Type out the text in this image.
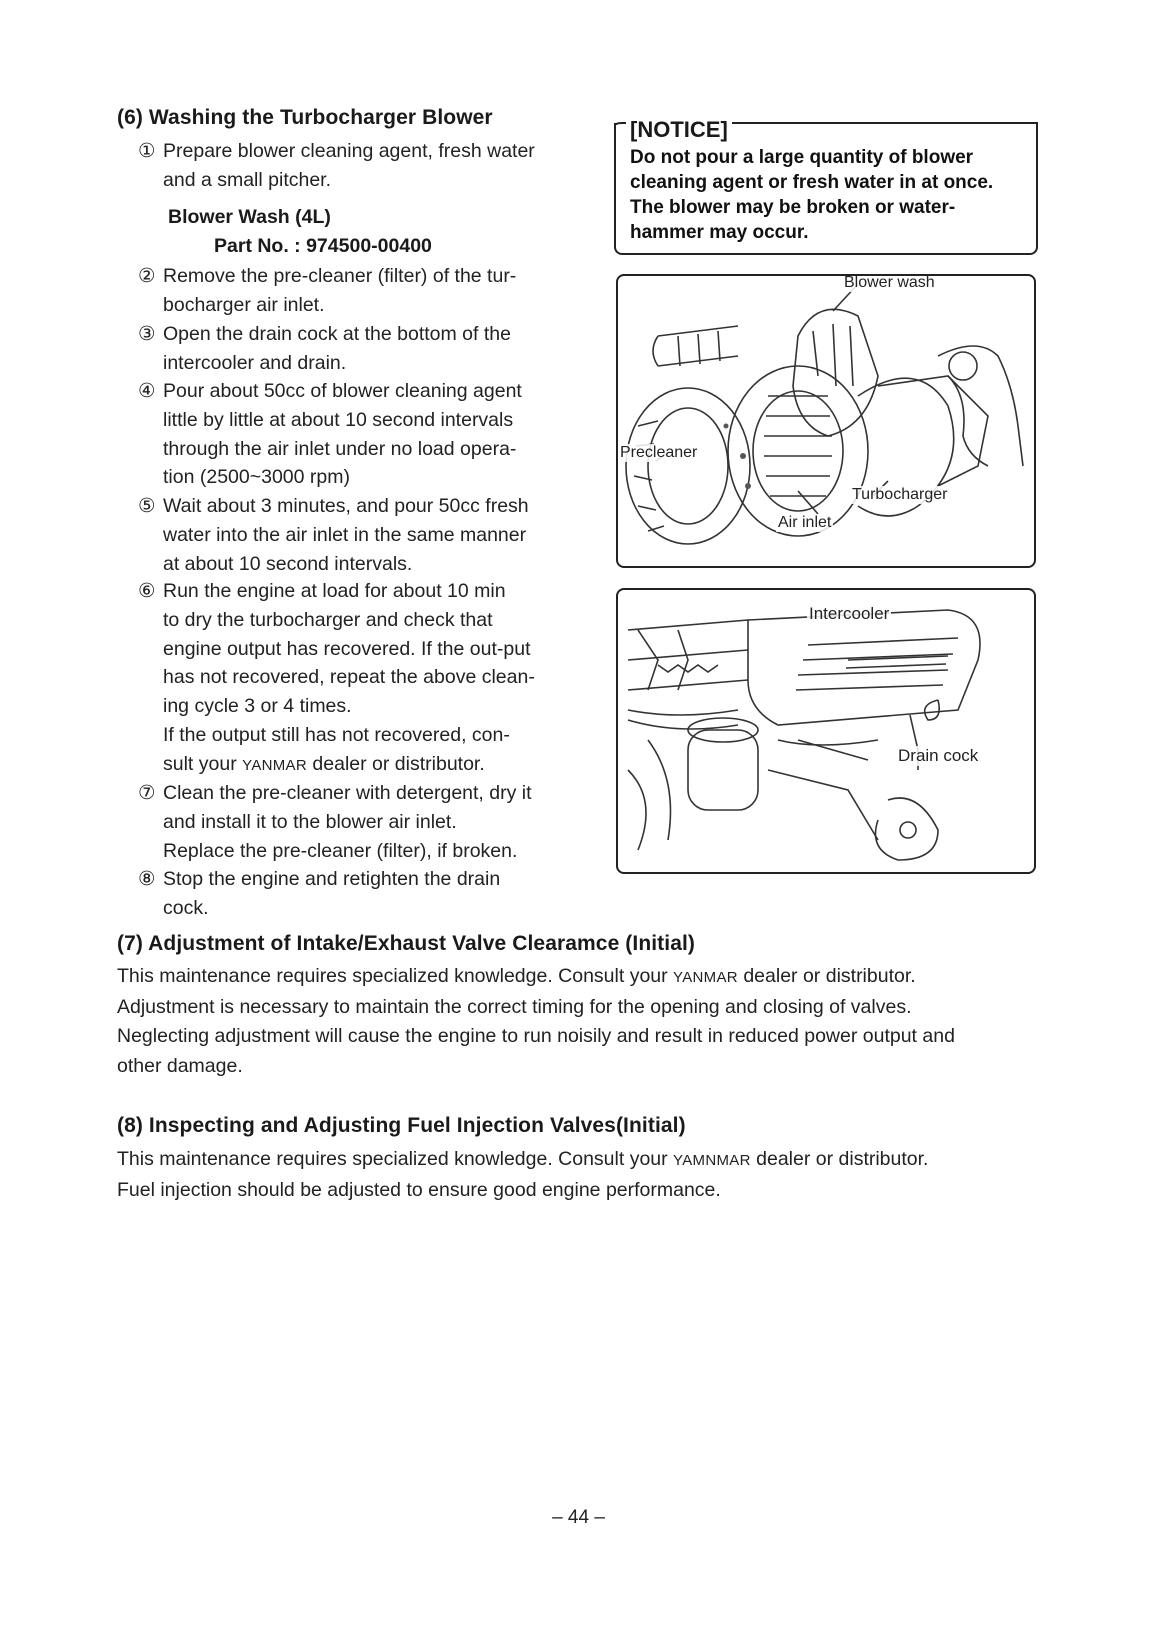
(6) Washing the Turbocharger Blower
① Prepare blower cleaning agent, fresh water
and a small pitcher.
Blower Wash (4L)
Part No. : 974500-00400
② Remove the pre-cleaner (filter) of the tur-
bocharger air inlet.
③ Open the drain cock at the bottom of the
intercooler and drain.
④ Pour about 50cc of blower cleaning agent
little by little at about 10 second intervals
through the air inlet under no load opera-
tion (2500~3000 rpm)
⑤ Wait about 3 minutes, and pour 50cc fresh
water into the air inlet in the same manner
at about 10 second intervals.
⑥ Run the engine at load for about 10 min
to dry the turbocharger and check that
engine output has recovered. If the out-put
has not recovered, repeat the above clean-
ing cycle 3 or 4 times.
If the output still has not recovered, con-
sult your YANMAR dealer or distributor.
⑦ Clean the pre-cleaner with detergent, dry it
and install it to the blower air inlet.
Replace the pre-cleaner (filter), if broken.
⑧ Stop the engine and retighten the drain
cock.
[NOTICE]
Do not pour a large quantity of blower
cleaning agent or fresh water in at once.
The blower may be broken or water-
hammer may occur.
Blower wash
Precleaner
Turbocharger
Air inlet
Intercooler
Drain cock
(7) Adjustment of Intake/Exhaust Valve Clearamce (Initial)
This maintenance requires specialized knowledge. Consult your YANMAR dealer or distributor.
Adjustment is necessary to maintain the correct timing for the opening and closing of valves.
Neglecting adjustment will cause the engine to run noisily and result in reduced power output and
other damage.
(8) Inspecting and Adjusting Fuel Injection Valves(Initial)
This maintenance requires specialized knowledge. Consult your YAMNMAR dealer or distributor.
Fuel injection should be adjusted to ensure good engine performance.
– 44 –
